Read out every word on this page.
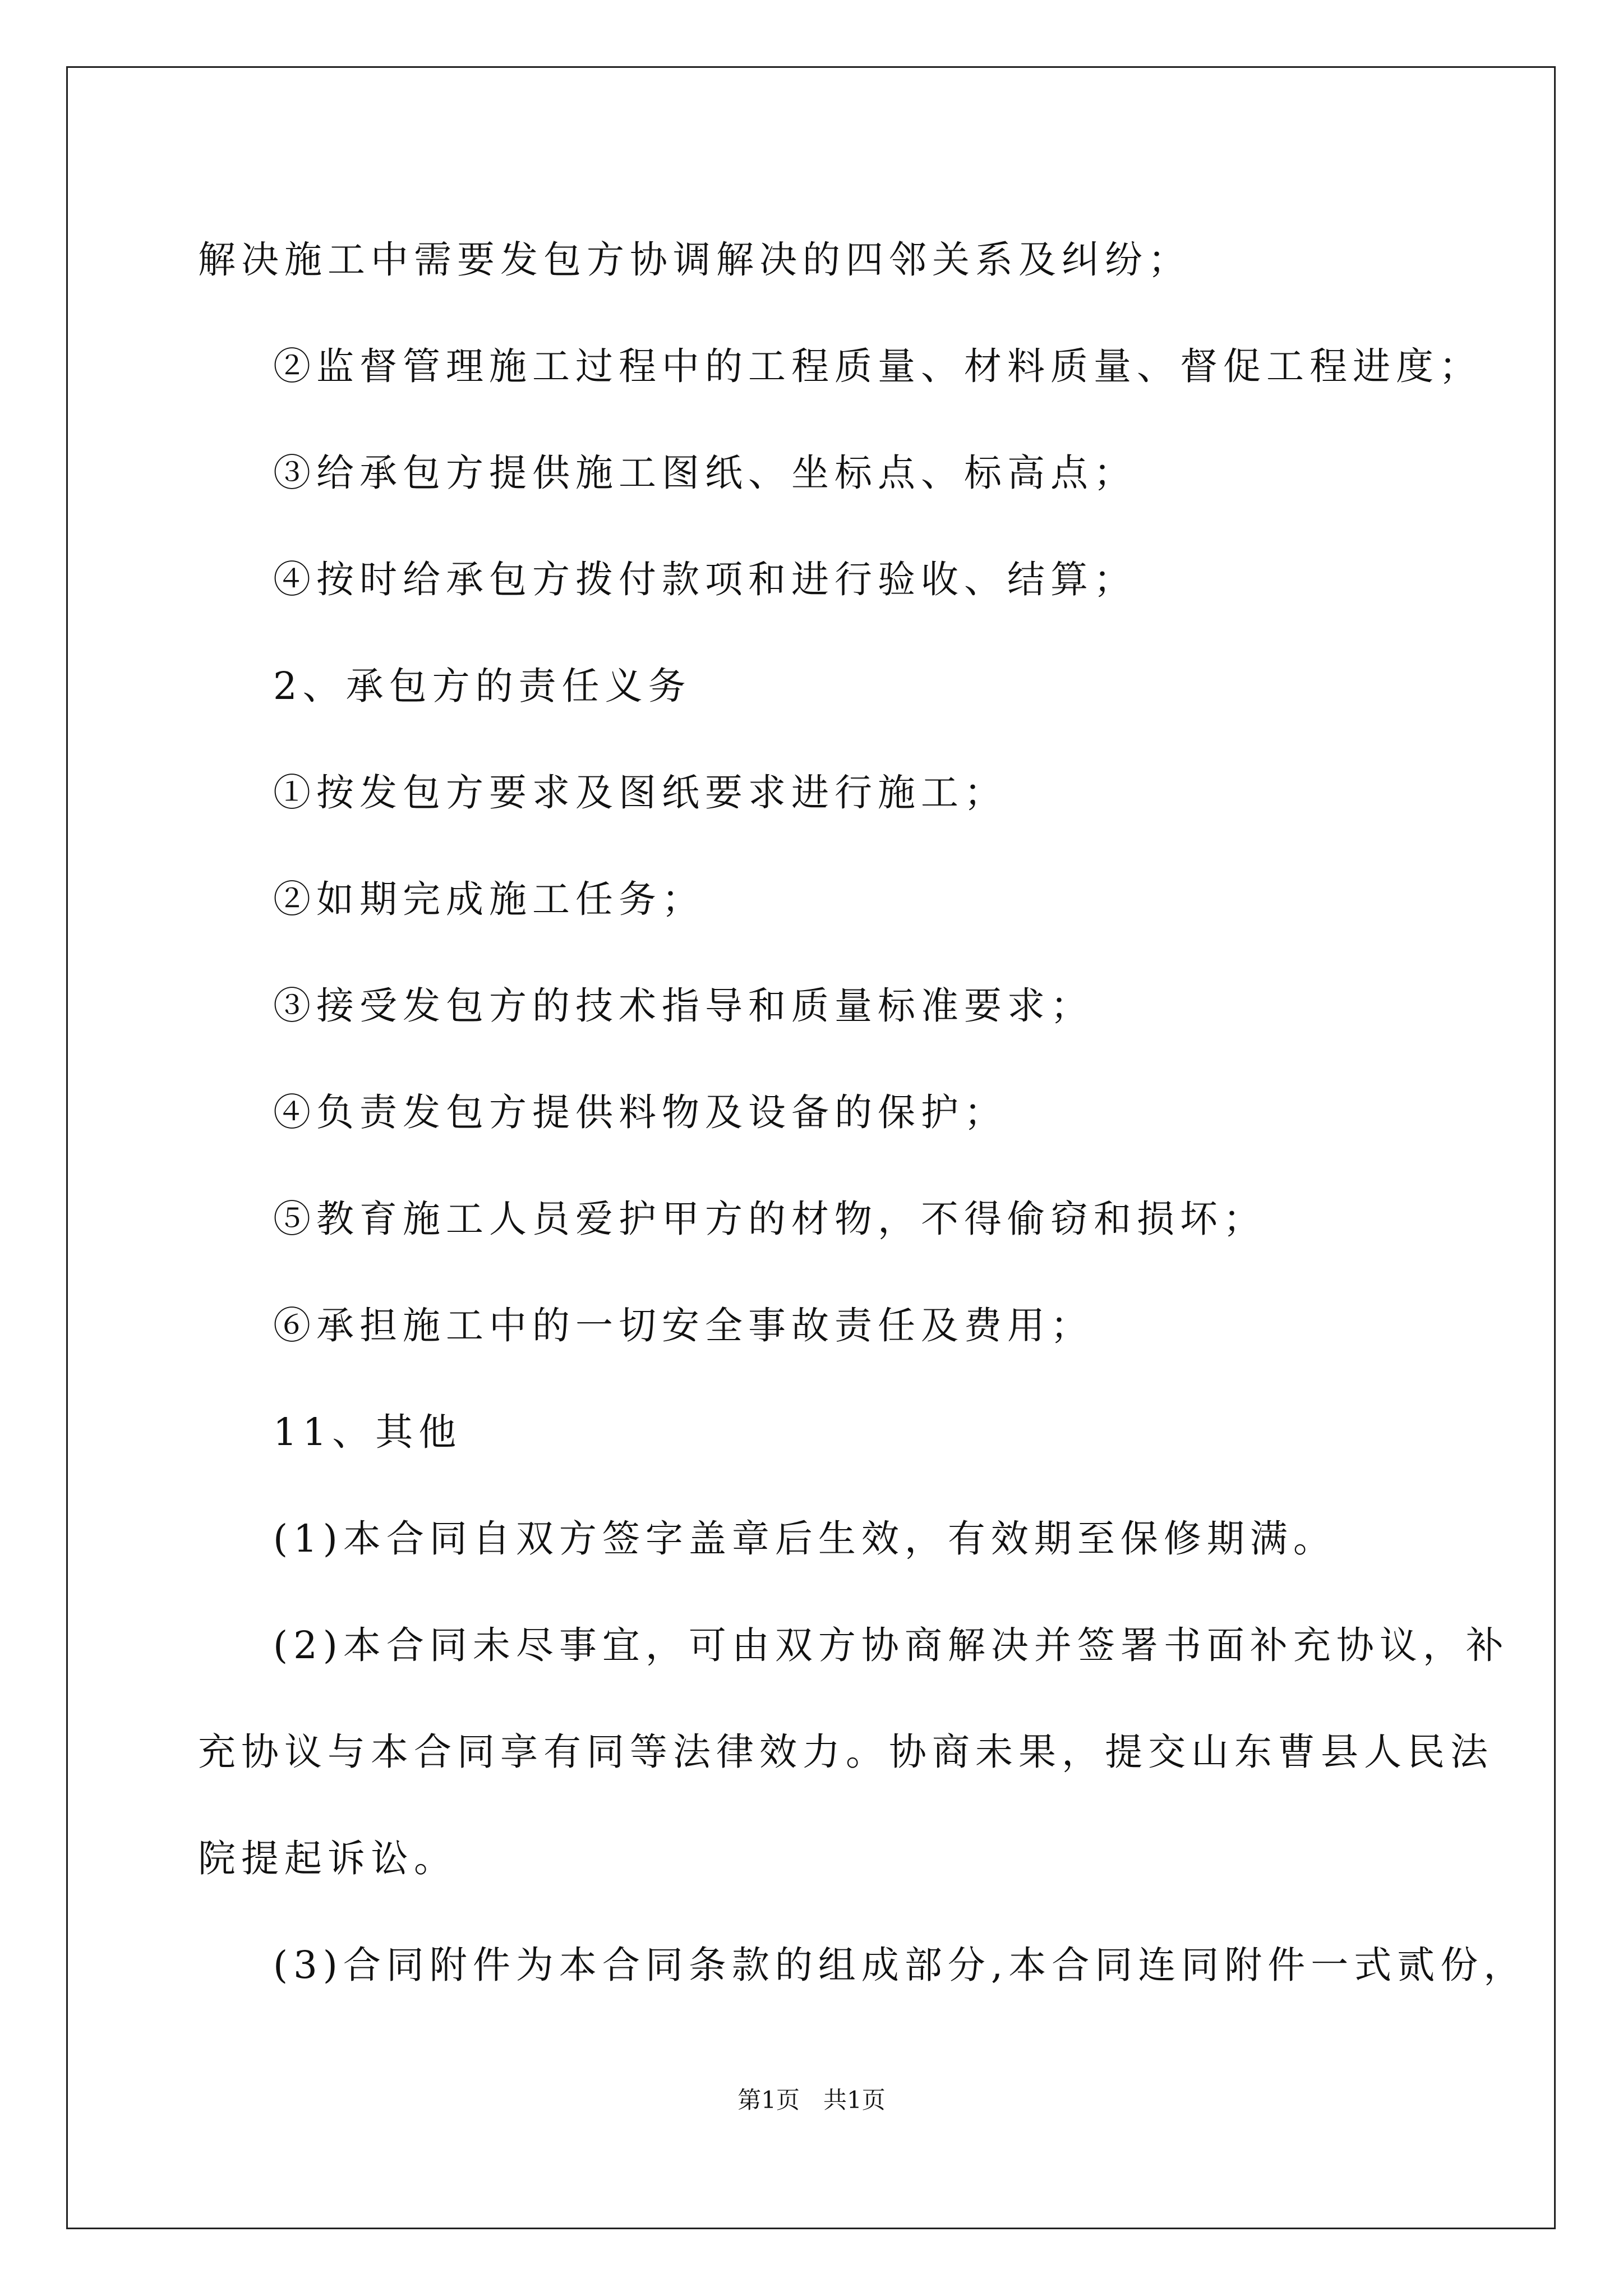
解决施工中需要发包方协调解决的四邻关系及纠纷；
②监督管理施工过程中的工程质量、材料质量、督促工程进度；
③给承包方提供施工图纸、坐标点、标高点；
④按时给承包方拨付款项和进行验收、结算；
2、承包方的责任义务
①按发包方要求及图纸要求进行施工；
②如期完成施工任务；
③接受发包方的技术指导和质量标准要求；
④负责发包方提供料物及设备的保护；
⑤教育施工人员爱护甲方的材物，不得偷窃和损坏；
⑥承担施工中的一切安全事故责任及费用；
11、其他
(1)本合同自双方签字盖章后生效，有效期至保修期满。
(2)本合同未尽事宜，可由双方协商解决并签署书面补充协议，补
充协议与本合同享有同等法律效力。协商未果，提交山东曹县人民法
院提起诉讼。
(3)合同附件为本合同条款的组成部分,本合同连同附件一式贰份，
第1页　共1页
